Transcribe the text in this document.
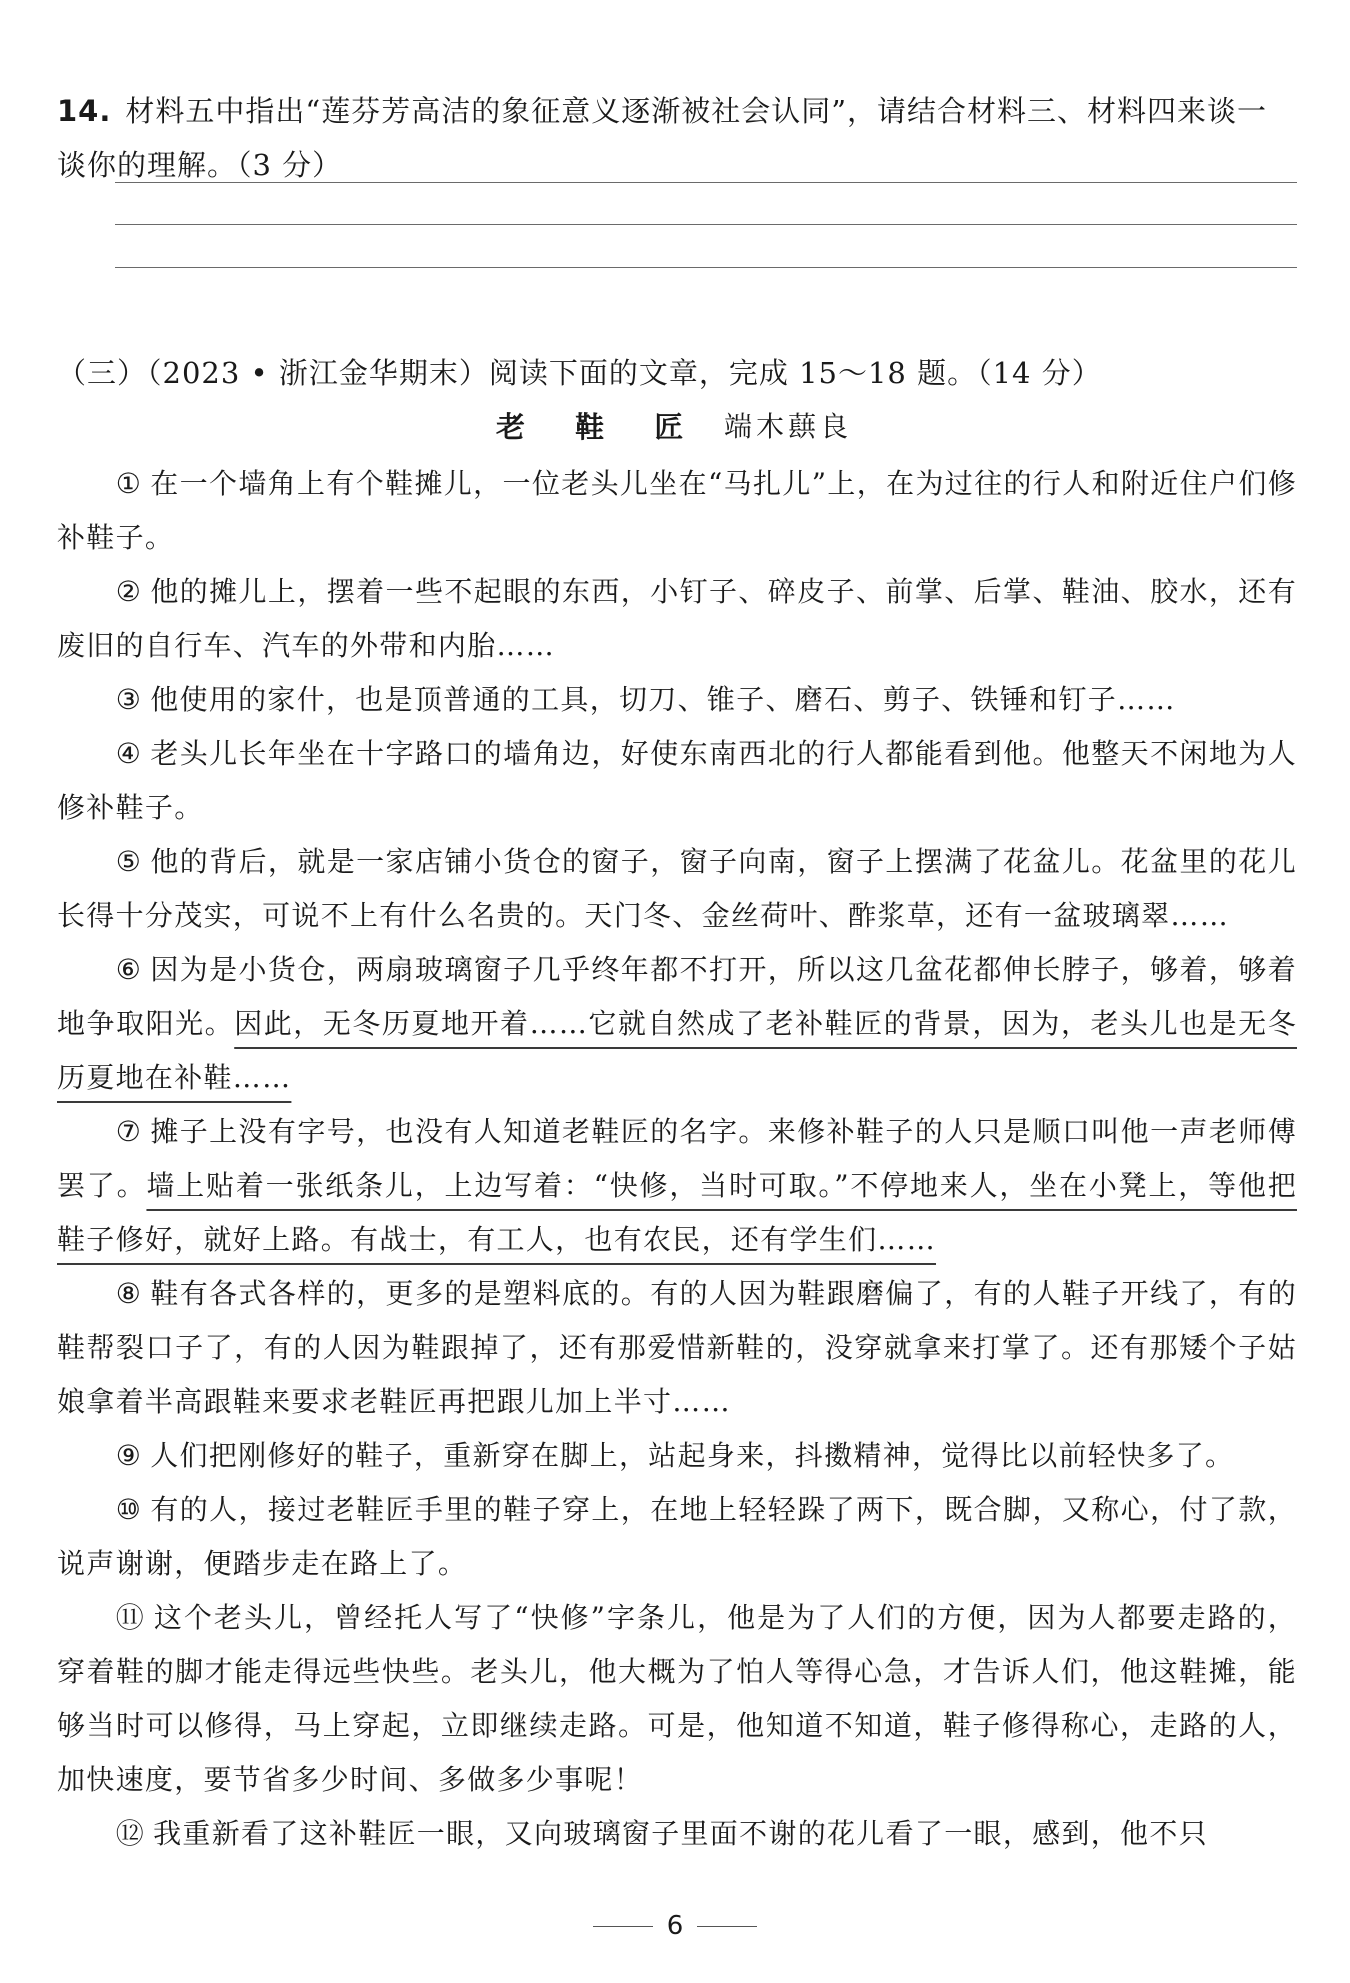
14. 材料五中指出“莲芬芳高洁的象征意义逐渐被社会认同”，请结合材料三、材料四来谈一谈你的理解。（3 分）
（三）（2023 • 浙江金华期末）阅读下面的文章，完成 15～18 题。（14 分）
老 鞋 匠 端木蕻良

① 在一个墙角上有个鞋摊儿，一位老头儿坐在“马扎儿”上，在为过往的行人和附近住户们修补鞋子。

② 他的摊儿上，摆着一些不起眼的东西，小钉子、碎皮子、前掌、后掌、鞋油、胶水，还有废旧的自行车、汽车的外带和内胎……

③ 他使用的家什，也是顶普通的工具，切刀、锥子、磨石、剪子、铁锤和钉子……

④ 老头儿长年坐在十字路口的墙角边，好使东南西北的行人都能看到他。他整天不闲地为人修补鞋子。

⑤ 他的背后，就是一家店铺小货仓的窗子，窗子向南，窗子上摆满了花盆儿。花盆里的花儿长得十分茂实，可说不上有什么名贵的。天门冬、金丝荷叶、酢浆草，还有一盆玻璃翠……

⑥ 因为是小货仓，两扇玻璃窗子几乎终年都不打开，所以这几盆花都伸长脖子，够着，够着地争取阳光。因此，无冬历夏地开着……它就自然成了老补鞋匠的背景，因为，老头儿也是无冬历夏地在补鞋……

⑦ 摊子上没有字号，也没有人知道老鞋匠的名字。来修补鞋子的人只是顺口叫他一声老师傅罢了。墙上贴着一张纸条儿，上边写着：“快修，当时可取。”不停地来人，坐在小凳上，等他把鞋子修好，就好上路。有战士，有工人，也有农民，还有学生们……

⑧ 鞋有各式各样的，更多的是塑料底的。有的人因为鞋跟磨偏了，有的人鞋子开线了，有的鞋帮裂口子了，有的人因为鞋跟掉了，还有那爱惜新鞋的，没穿就拿来打掌了。还有那矮个子姑娘拿着半高跟鞋来要求老鞋匠再把跟儿加上半寸……

⑨ 人们把刚修好的鞋子，重新穿在脚上，站起身来，抖擞精神，觉得比以前轻快多了。

⑩ 有的人，接过老鞋匠手里的鞋子穿上，在地上轻轻跺了两下，既合脚，又称心，付了款，说声谢谢，便踏步走在路上了。

⑪ 这个老头儿，曾经托人写了“快修”字条儿，他是为了人们的方便，因为人都要走路的，穿着鞋的脚才能走得远些快些。老头儿，他大概为了怕人等得心急，才告诉人们，他这鞋摊，能够当时可以修得，马上穿起，立即继续走路。可是，他知道不知道，鞋子修得称心，走路的人，加快速度，要节省多少时间、多做多少事呢！

⑫ 我重新看了这补鞋匠一眼，又向玻璃窗子里面不谢的花儿看了一眼，感到，他不只

6
